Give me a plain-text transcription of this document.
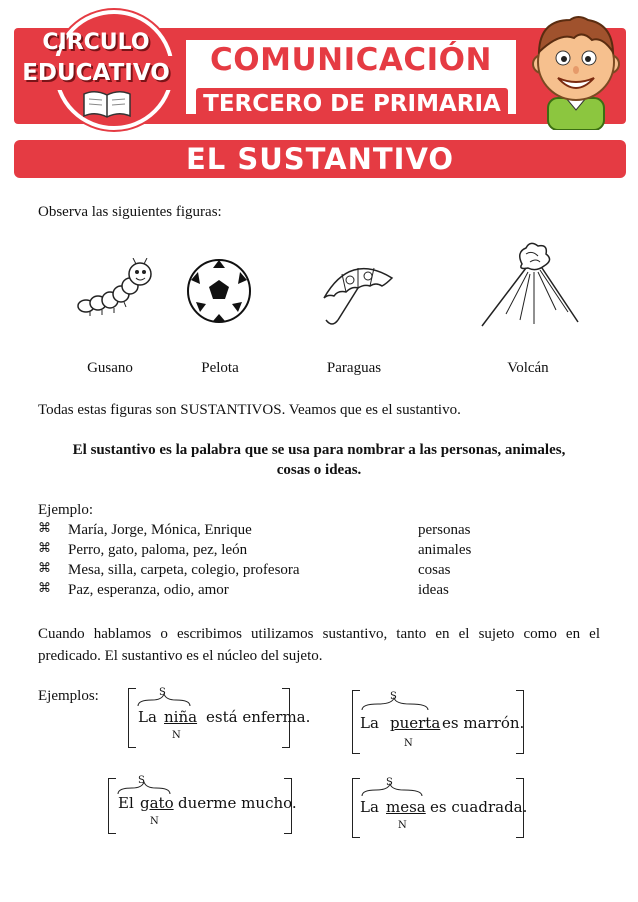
CIRCULO
EDUCATIVO	COMUNICACIÓN
TERCERO DE PRIMARIA
EL SUSTANTIVO
Observa las siguientes figuras:
Gusano	Pelota	Paraguas	Volcán
Todas estas figuras son SUSTANTIVOS. Veamos que es el sustantivo.
El sustantivo es la palabra que se usa para nombrar a las personas, animales,
cosas o ideas.
Ejemplo:
⌘ María, Jorge, Mónica, Enrique	personas
⌘ Perro, gato, paloma, pez, león	animales
⌘ Mesa, silla, carpeta, colegio, profesora	cosas
⌘ Paz, esperanza, odio, amor	ideas
Cuando hablamos o escribimos utilizamos sustantivo, tanto en el sujeto como en el
predicado. El sustantivo es el núcleo del sujeto.
Ejemplos:	S
La niña está enferma.
N
S
La puerta es marrón.
N
S
El gato duerme mucho.
N
S
La mesa es cuadrada.
N
